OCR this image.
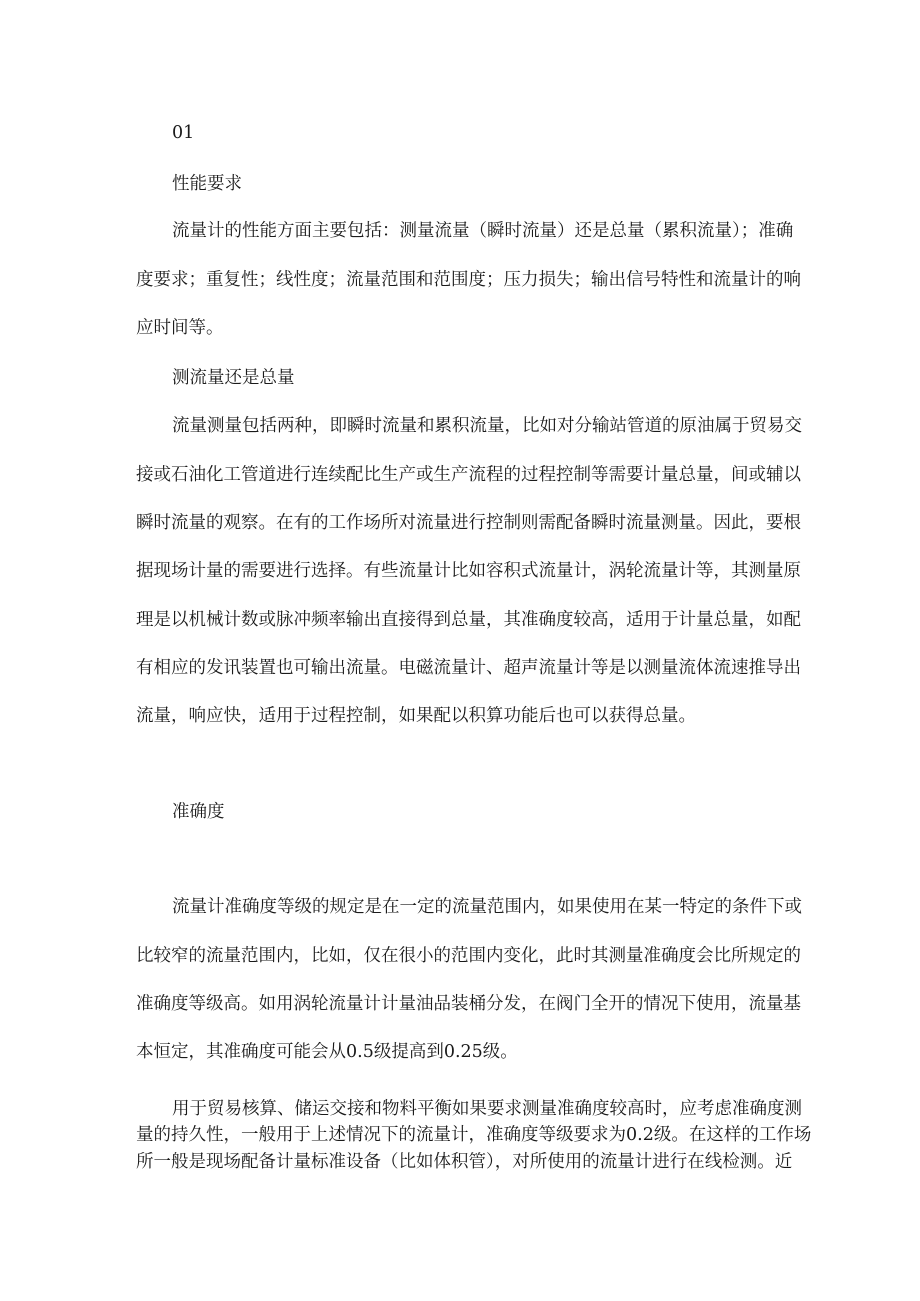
01
性能要求
流量计的性能方面主要包括：测量流量（瞬时流量）还是总量（累积流量）；准确
度要求；重复性；线性度；流量范围和范围度；压力损失；输出信号特性和流量计的响
应时间等。
测流量还是总量
流量测量包括两种，即瞬时流量和累积流量，比如对分输站管道的原油属于贸易交
接或石油化工管道进行连续配比生产或生产流程的过程控制等需要计量总量，间或辅以
瞬时流量的观察。在有的工作场所对流量进行控制则需配备瞬时流量测量。因此，要根
据现场计量的需要进行选择。有些流量计比如容积式流量计，涡轮流量计等，其测量原
理是以机械计数或脉冲频率输出直接得到总量，其准确度较高，适用于计量总量，如配
有相应的发讯装置也可输出流量。电磁流量计、超声流量计等是以测量流体流速推导出
流量，响应快，适用于过程控制，如果配以积算功能后也可以获得总量。
准确度
流量计准确度等级的规定是在一定的流量范围内，如果使用在某一特定的条件下或
比较窄的流量范围内，比如，仅在很小的范围内变化，此时其测量准确度会比所规定的
准确度等级高。如用涡轮流量计计量油品装桶分发，在阀门全开的情况下使用，流量基
本恒定，其准确度可能会从0.5级提高到0.25级。
用于贸易核算、储运交接和物料平衡如果要求测量准确度较高时，应考虑准确度测
量的持久性，一般用于上述情况下的流量计，准确度等级要求为0.2级。在这样的工作场
所一般是现场配备计量标准设备（比如体积管），对所使用的流量计进行在线检测。近
